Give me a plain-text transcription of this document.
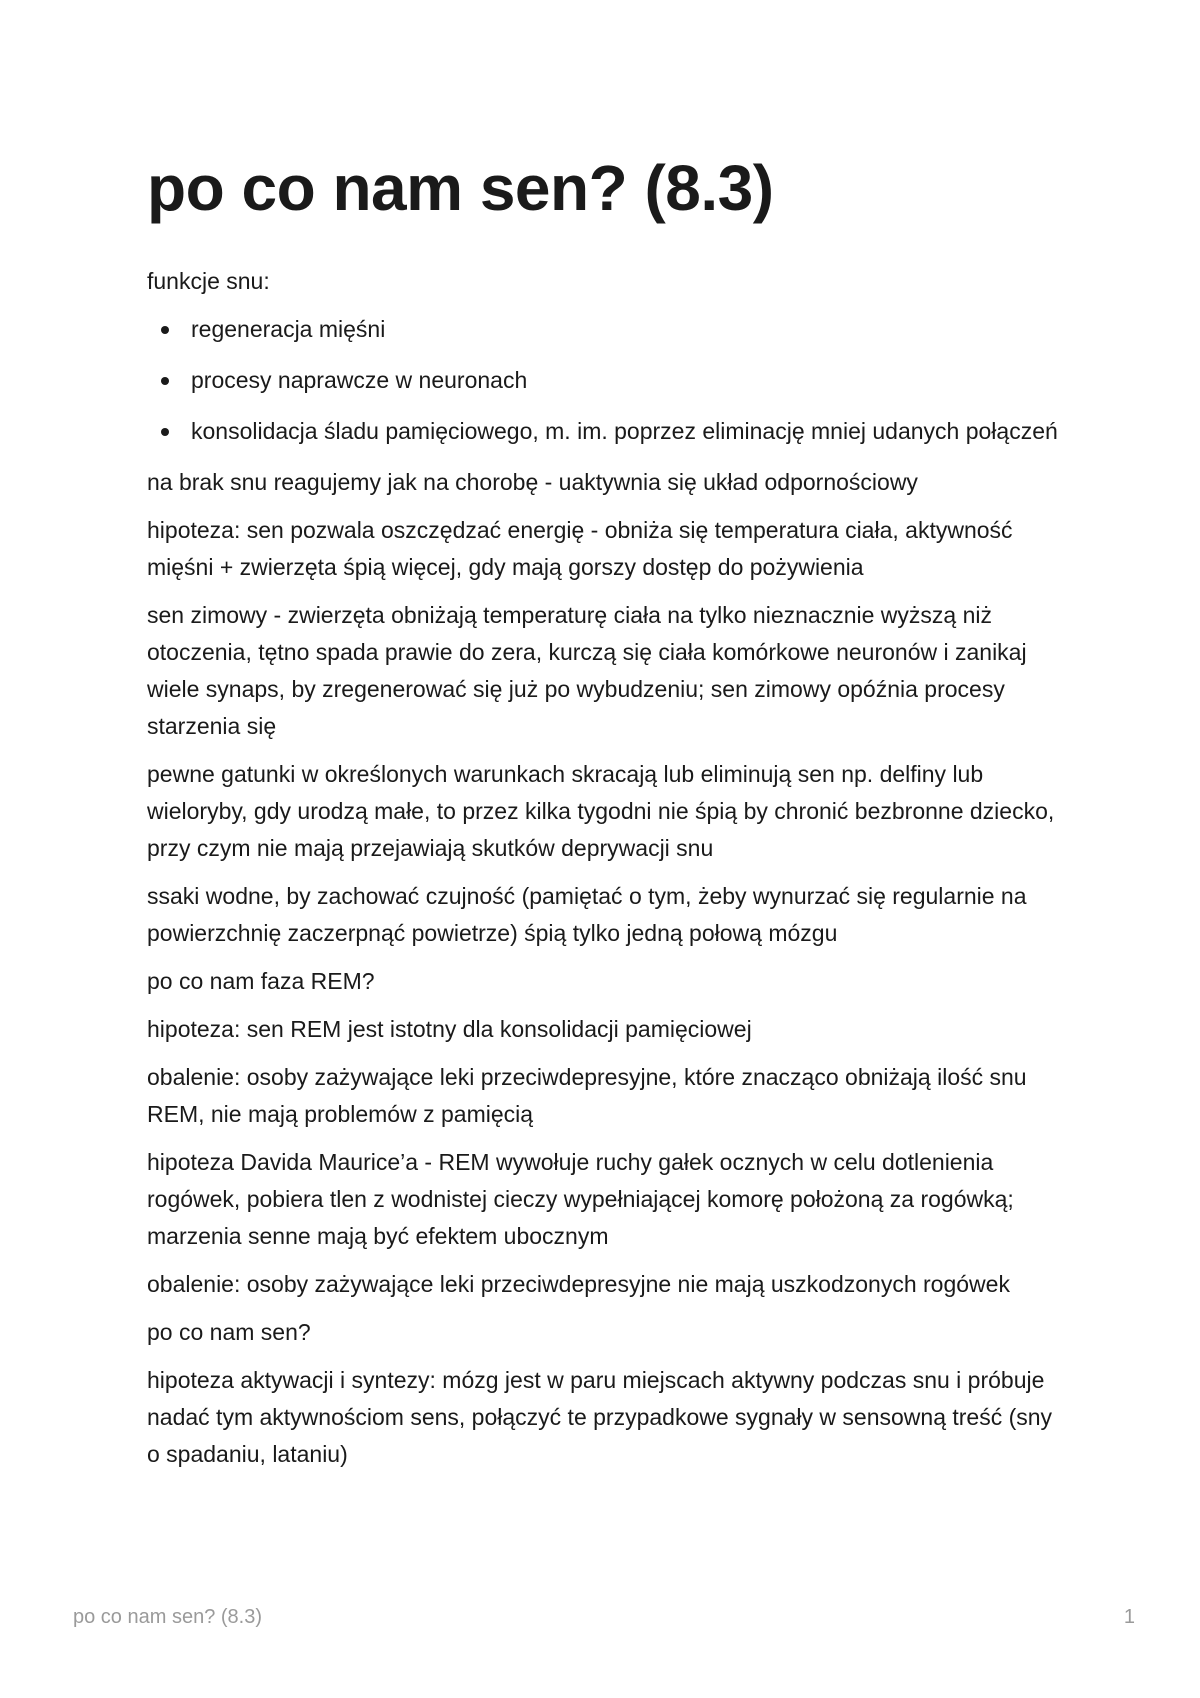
po co nam sen? (8.3)

funkcje snu:

regeneracja mięśni
procesy naprawcze w neuronach
konsolidacja śladu pamięciowego, m. im. poprzez eliminację mniej udanych połączeń

na brak snu reagujemy jak na chorobę - uaktywnia się układ odpornościowy

hipoteza: sen pozwala oszczędzać energię - obniża się temperatura ciała, aktywność mięśni + zwierzęta śpią więcej, gdy mają gorszy dostęp do pożywienia

sen zimowy - zwierzęta obniżają temperaturę ciała na tylko nieznacznie wyższą niż otoczenia, tętno spada prawie do zera, kurczą się ciała komórkowe neuronów i zanikaj wiele synaps, by zregenerować się już po wybudzeniu; sen zimowy opóźnia procesy starzenia się

pewne gatunki w określonych warunkach skracają lub eliminują sen np. delfiny lub wieloryby, gdy urodzą małe, to przez kilka tygodni nie śpią by chronić bezbronne dziecko, przy czym nie mają przejawiają skutków deprywacji snu

ssaki wodne, by zachować czujność (pamiętać o tym, żeby wynurzać się regularnie na powierzchnię zaczerpnąć powietrze) śpią tylko jedną połową mózgu

po co nam faza REM?

hipoteza: sen REM jest istotny dla konsolidacji pamięciowej

obalenie: osoby zażywające leki przeciwdepresyjne, które znacząco obniżają ilość snu REM, nie mają problemów z pamięcią

hipoteza Davida Maurice’a - REM wywołuje ruchy gałek ocznych w celu dotlenienia rogówek, pobiera tlen z wodnistej cieczy wypełniającej komorę położoną za rogówką; marzenia senne mają być efektem ubocznym

obalenie: osoby zażywające leki przeciwdepresyjne nie mają uszkodzonych rogówek

po co nam sen?

hipoteza aktywacji i syntezy: mózg jest w paru miejscach aktywny podczas snu i próbuje nadać tym aktywnościom sens, połączyć te przypadkowe sygnały w sensowną treść (sny o spadaniu, lataniu)

po co nam sen? (8.3)	1
